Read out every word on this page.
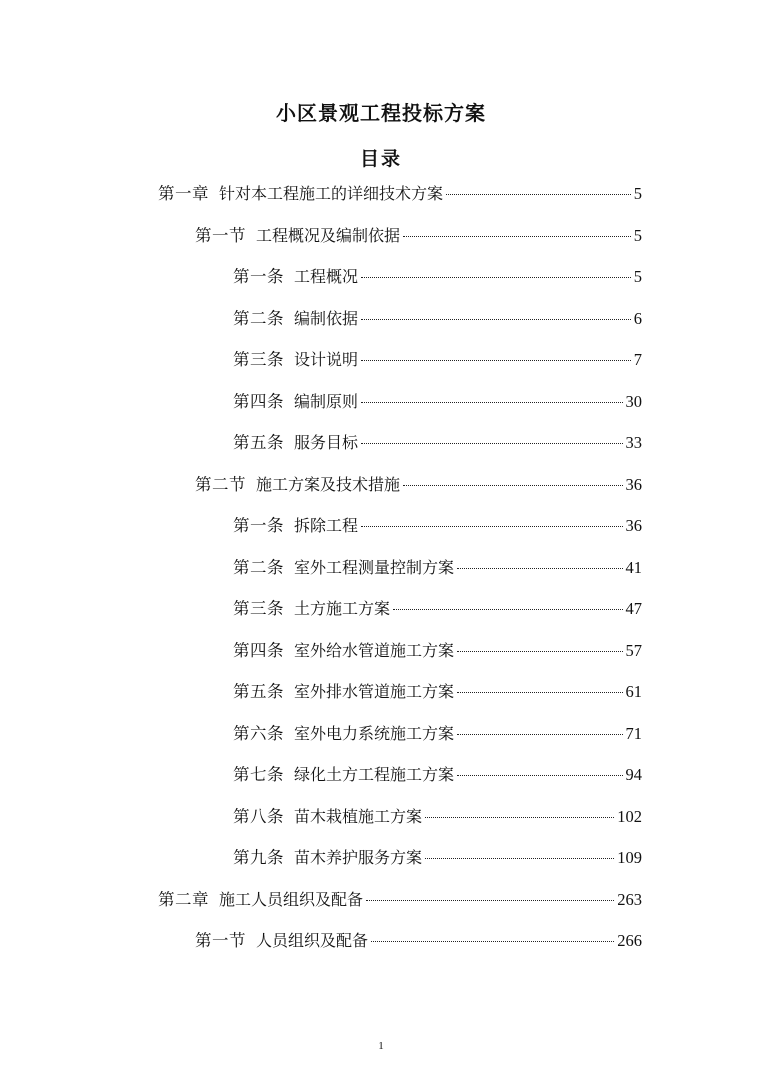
小区景观工程投标方案
目录
第一章 针对本工程施工的详细技术方案	5
第一节 工程概况及编制依据	5
第一条 工程概况	5
第二条 编制依据	6
第三条 设计说明	7
第四条 编制原则	30
第五条 服务目标	33
第二节 施工方案及技术措施	36
第一条 拆除工程	36
第二条 室外工程测量控制方案	41
第三条 土方施工方案	47
第四条 室外给水管道施工方案	57
第五条 室外排水管道施工方案	61
第六条 室外电力系统施工方案	71
第七条 绿化土方工程施工方案	94
第八条 苗木栽植施工方案	102
第九条 苗木养护服务方案	109
第二章 施工人员组织及配备	263
第一节 人员组织及配备	266
1
